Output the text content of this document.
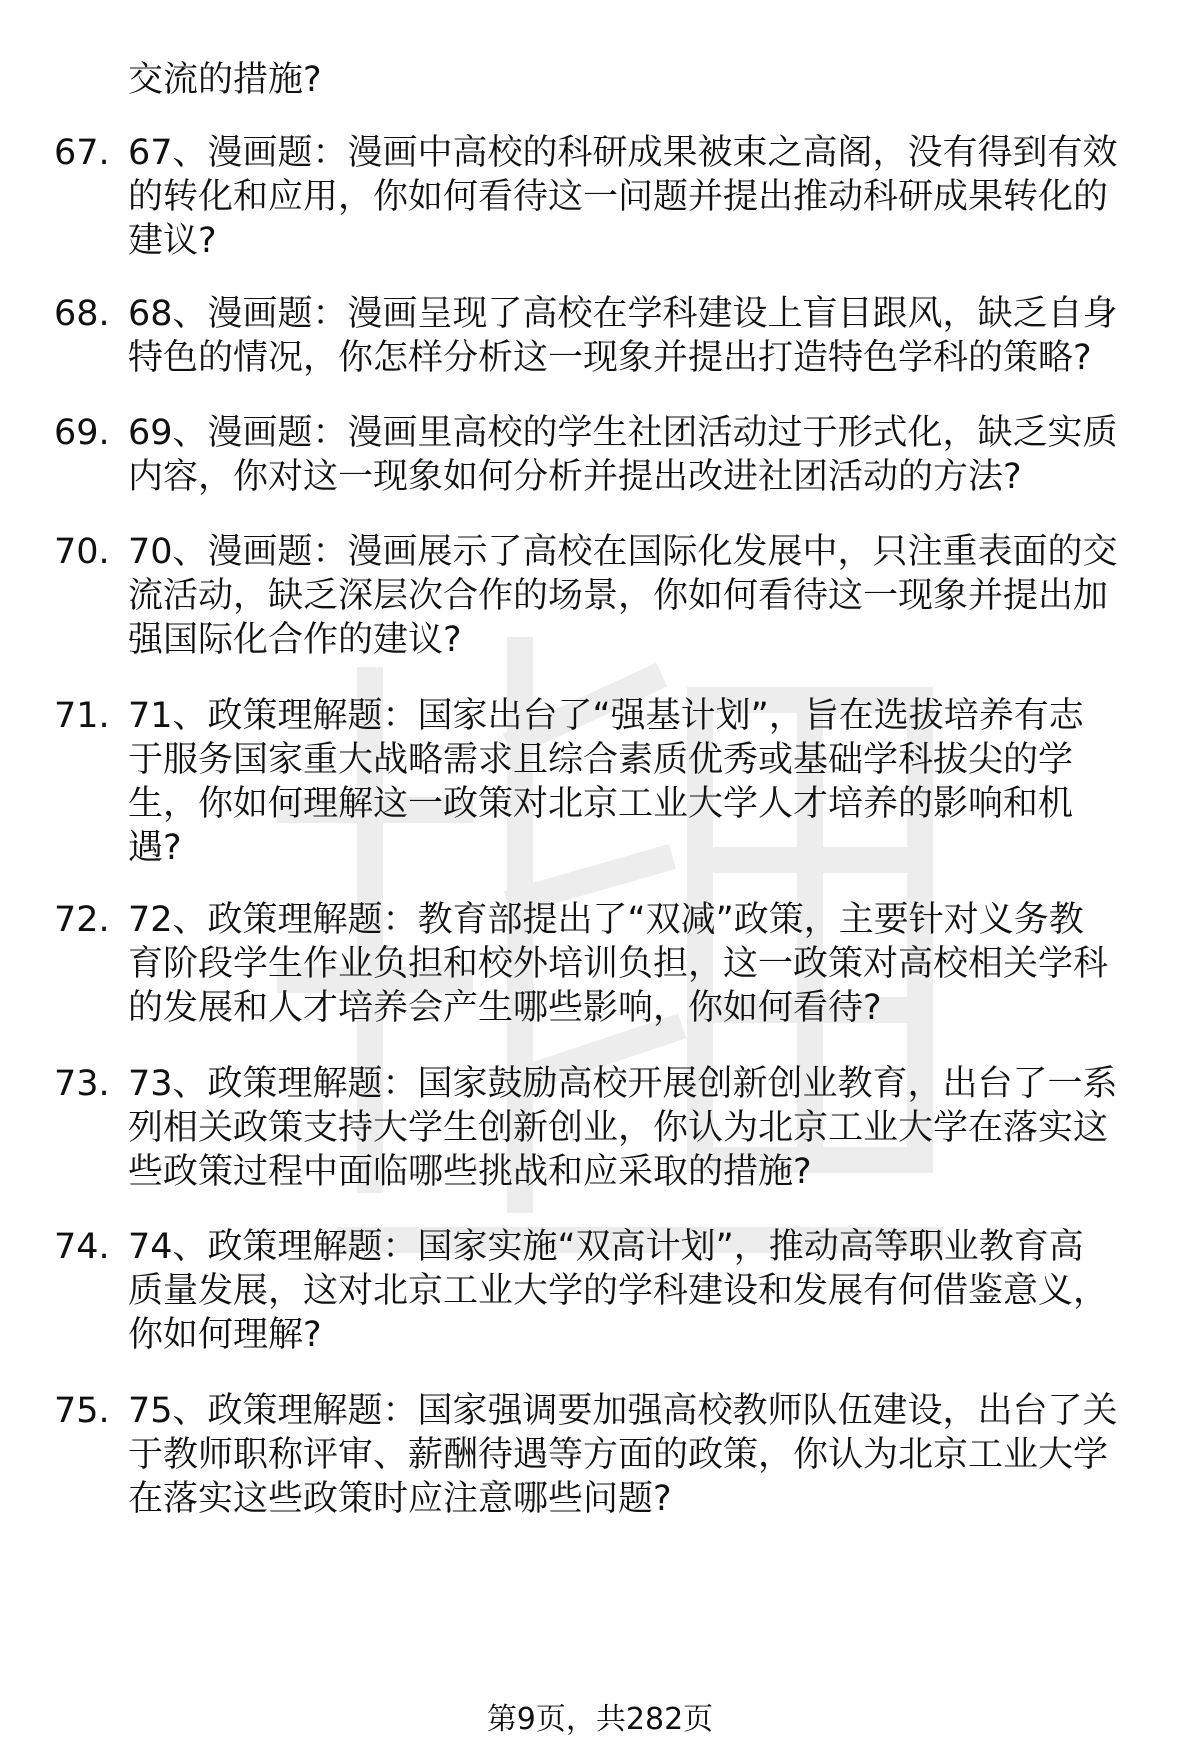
交流的措施?
67. 67、漫画题：漫画中高校的科研成果被束之高阁，没有得到有效
的转化和应用，你如何看待这一问题并提出推动科研成果转化的
建议?
68. 68、漫画题：漫画呈现了高校在学科建设上盲目跟风，缺乏自身
特色的情况，你怎样分析这一现象并提出打造特色学科的策略?
69. 69、漫画题：漫画里高校的学生社团活动过于形式化，缺乏实质
内容，你对这一现象如何分析并提出改进社团活动的方法?
70. 70、漫画题：漫画展示了高校在国际化发展中，只注重表面的交
流活动，缺乏深层次合作的场景，你如何看待这一现象并提出加
强国际化合作的建议?
71. 71、政策理解题：国家出台了“强基计划”，旨在选拔培养有志
于服务国家重大战略需求且综合素质优秀或基础学科拔尖的学
生，你如何理解这一政策对北京工业大学人才培养的影响和机
遇?
72. 72、政策理解题：教育部提出了“双减”政策，主要针对义务教
育阶段学生作业负担和校外培训负担，这一政策对高校相关学科
的发展和人才培养会产生哪些影响，你如何看待?
73. 73、政策理解题：国家鼓励高校开展创新创业教育，出台了一系
列相关政策支持大学生创新创业，你认为北京工业大学在落实这
些政策过程中面临哪些挑战和应采取的措施?
74. 74、政策理解题：国家实施“双高计划”，推动高等职业教育高
质量发展，这对北京工业大学的学科建设和发展有何借鉴意义，
你如何理解?
75. 75、政策理解题：国家强调要加强高校教师队伍建设，出台了关
于教师职称评审、薪酬待遇等方面的政策，你认为北京工业大学
在落实这些政策时应注意哪些问题?
第9页，共282页
